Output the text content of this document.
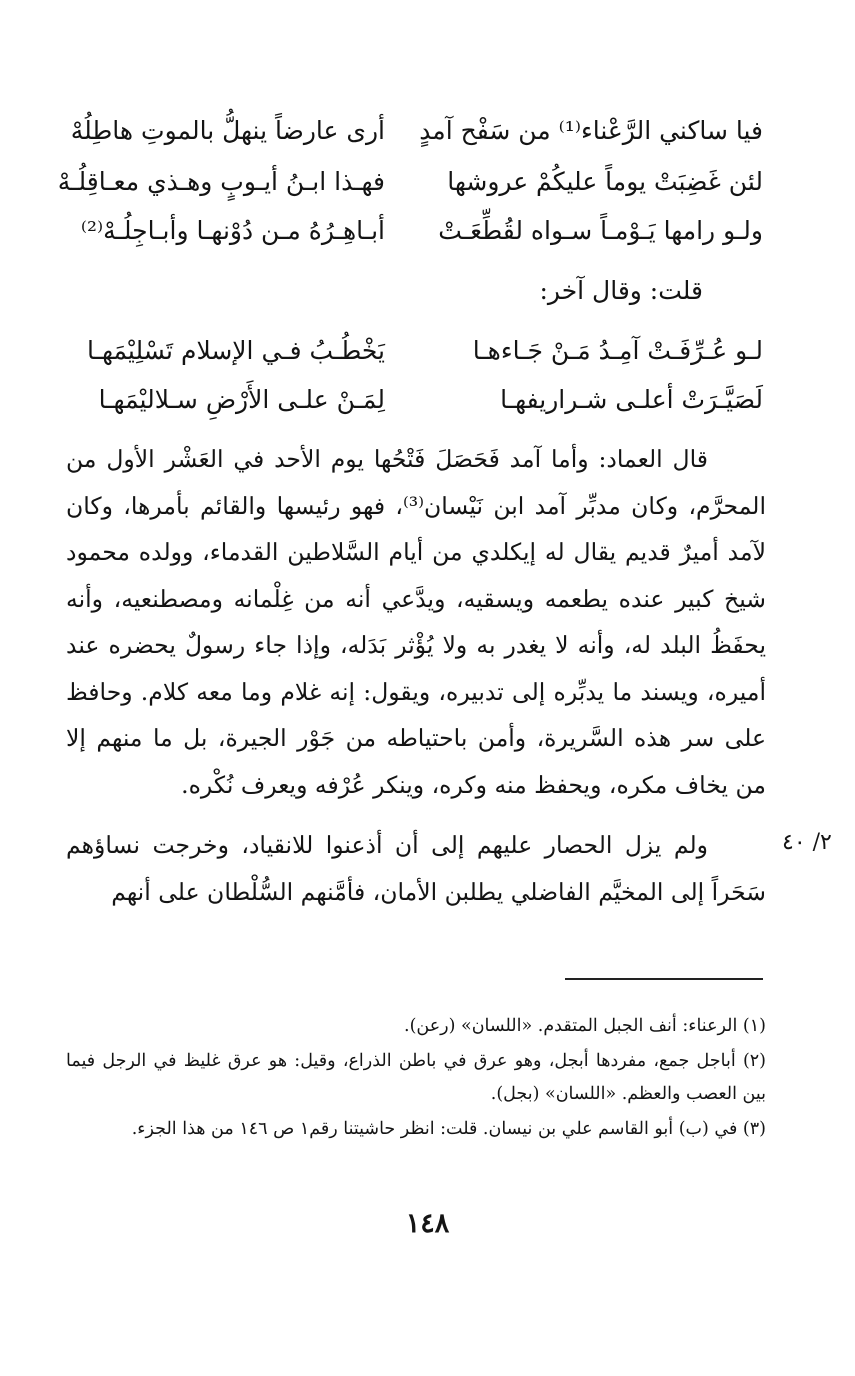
فيا ساكني الرَّعْناء⁽¹⁾ من سَفْح آمدٍ
أرى عارضاً ينهلُّ بالموتِ هاطِلُهْ
لئن غَضِبَتْ يوماً عليكُمْ عروشها
فهـذا ابـنُ أيـوبٍ وهـذي معـاقِلُـهْ
ولـو رامها يَـوْمـاً سـواه لقُطِّعَـتْ
أبـاهِـرُهُ مـن دُوْنهـا وأبـاجِلُـهْ⁽²⁾
قلت: وقال آخر:
لـو عُـرِّفَـتْ آمِـدُ مَـنْ جَـاءهـا
يَخْطُـبُ فـي الإسلام تَسْلِيْمَهـا
لَصَيَّـرَتْ أعلـى شـراريفهـا
لِمَـنْ علـى الأَرْضِ سـلاليْمَهـا

قال العماد: وأما آمد فَحَصَلَ فَتْحُها يوم الأحد في العَشْر الأول من المحرَّم، وكان مدبِّر آمد ابن نَيْسان⁽³⁾، فهو رئيسها والقائم بأمرها، وكان لآمد أميرٌ قديم يقال له إيكلدي من أيام السَّلاطين القدماء، وولده محمود شيخ كبير عنده يطعمه ويسقيه، ويدَّعي أنه من غِلْمانه ومصطنعيه، وأنه يحفَظُ البلد له، وأنه لا يغدر به ولا يُؤْثر بَدَله، وإذا جاء رسولٌ يحضره عند أميره، ويسند ما يدبِّره إلى تدبيره، ويقول: إنه غلام وما معه كلام. وحافظ على سر هذه السَّريرة، وأمن باحتياطه من جَوْر الجيرة، بل ما منهم إلا من يخاف مكره، ويحفظ منه وكره، وينكر عُرْفه ويعرف نُكْره.

٢/ ٤٠

ولم يزل الحصار عليهم إلى أن أذعنوا للانقياد، وخرجت نساؤهم سَحَراً إلى المخيَّم الفاضلي يطلبن الأمان، فأمَّنهم السُّلْطان على أنهم

(١) الرعناء: أنف الجبل المتقدم. «اللسان» (رعن).

(٢) أباجل جمع، مفردها أبجل، وهو عرق في باطن الذراع، وقيل: هو عرق غليظ في الرجل فيما بين العصب والعظم. «اللسان» (بجل).

(٣) في (ب) أبو القاسم علي بن نيسان. قلت: انظر حاشيتنا رقم١ ص ١٤٦ من هذا الجزء.

١٤٨
